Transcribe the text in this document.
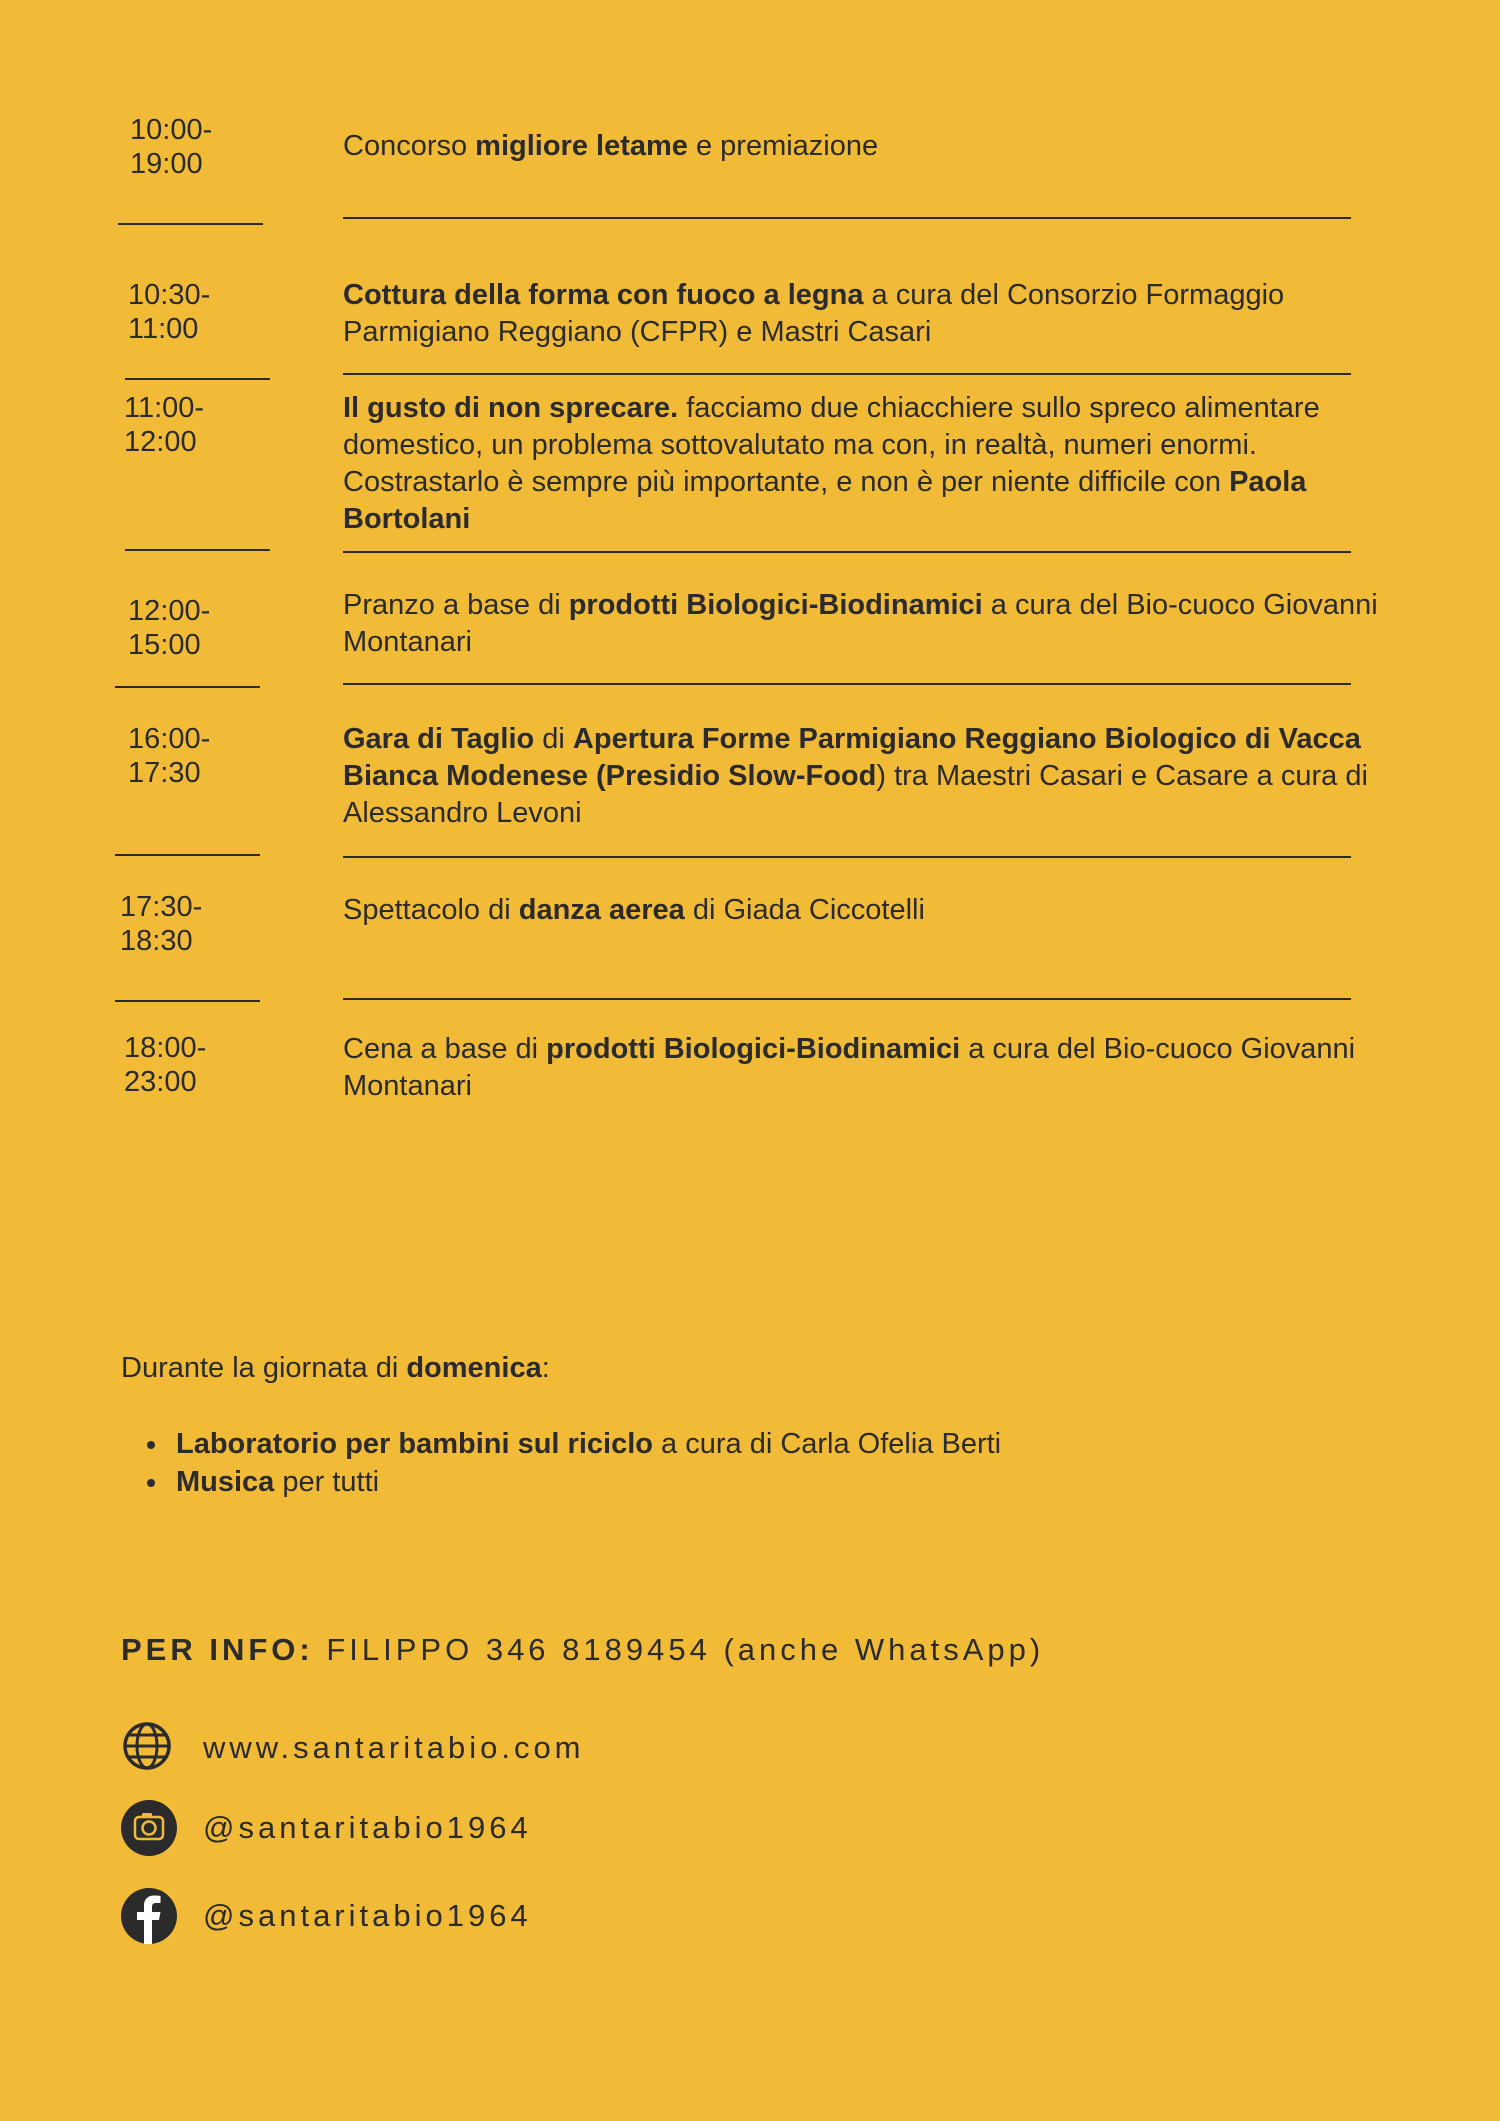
10:00-
19:00
Concorso migliore letame e premiazione
10:30-
11:00
Cottura della forma con fuoco a legna a cura del Consorzio Formaggio Parmigiano Reggiano (CFPR) e Mastri Casari
11:00-
12:00
Il gusto di non sprecare. facciamo due chiacchiere sullo spreco alimentare domestico, un problema sottovalutato ma con, in realtà, numeri enormi. Costrastarlo è sempre più importante, e non è per niente difficile con Paola Bortolani
12:00-
15:00
Pranzo a base di prodotti Biologici-Biodinamici a cura del Bio-cuoco Giovanni Montanari
16:00-
17:30
Gara di Taglio di Apertura Forme Parmigiano Reggiano Biologico di Vacca Bianca Modenese (Presidio Slow-Food) tra Maestri Casari e Casare a cura di Alessandro Levoni
17:30-
18:30
Spettacolo di danza aerea di Giada Ciccotelli
18:00-
23:00
Cena a base di prodotti Biologici-Biodinamici a cura del Bio-cuoco Giovanni Montanari
Durante la giornata di domenica:
• Laboratorio per bambini sul riciclo a cura di Carla Ofelia Berti
• Musica per tutti
PER INFO: FILIPPO 346 8189454 (anche WhatsApp)
www.santaritabio.com
@santaritabio1964
@santaritabio1964
